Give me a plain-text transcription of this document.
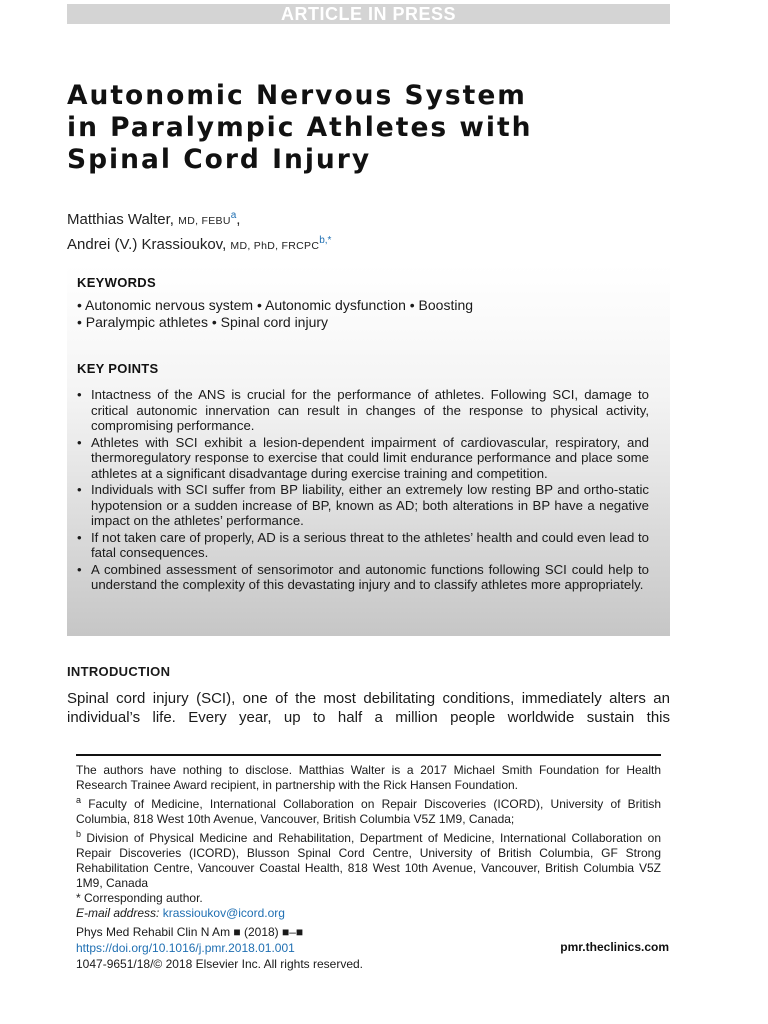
ARTICLE IN PRESS
Autonomic Nervous System
in Paralympic Athletes with
Spinal Cord Injury
Matthias Walter, MD, FEBU$^a$,
Andrei (V.) Krassioukov, MD, PhD, $FRCPC^{b,*}$
KEYWORDS
• Autonomic nervous system • Autonomic dysfunction • Boosting
• Paralympic athletes • Spinal cord injury
KEY POINTS
• Intactness of the ANS is crucial for the performance of athletes. Following SCI, damage to critical autonomic innervation can result in changes of the response to physical activity, compromising performance.
• Athletes with SCI exhibit a lesion-dependent impairment of cardiovascular, respiratory, and thermoregulatory response to exercise that could limit endurance performance and place some athletes at a significant disadvantage during exercise training and competition.
• Individuals with SCI suffer from BP liability, either an extremely low resting BP and ortho-static hypotension or a sudden increase of BP, known as AD; both alterations in BP have a negative impact on the athletes’ performance.
• If not taken care of properly, AD is a serious threat to the athletes’ health and could even lead to fatal consequences.
• A combined assessment of sensorimotor and autonomic functions following SCI could help to understand the complexity of this devastating injury and to classify athletes more appropriately.
INTRODUCTION

Spinal cord injury (SCI), one of the most debilitating conditions, immediately alters an individual’s life. Every year, up to half a million people worldwide sustain this

The authors have nothing to disclose. Matthias Walter is a 2017 Michael Smith Foundation for Health Research Trainee Award recipient, in partnership with the Rick Hansen Foundation.

$^a$ Faculty of Medicine, International Collaboration on Repair Discoveries (ICORD), University of British Columbia, 818 West 10th Avenue, Vancouver, British Columbia V5Z 1M9, Canada;

$^b$ Division of Physical Medicine and Rehabilitation, Department of Medicine, International Collaboration on Repair Discoveries (ICORD), Blusson Spinal Cord Centre, University of British Columbia, GF Strong Rehabilitation Centre, Vancouver Coastal Health, 818 West 10th Avenue, Vancouver, British Columbia V5Z 1M9, Canada

* Corresponding author.

E-mail address: krassioukov@icord.org

Phys Med Rehabil Clin N Am ■ (2018) ■–■
https://doi.org/10.1016/j.pmr.2018.01.001
1047-9651/18/© 2018 Elsevier Inc. All rights reserved.
pmr.theclinics.com
